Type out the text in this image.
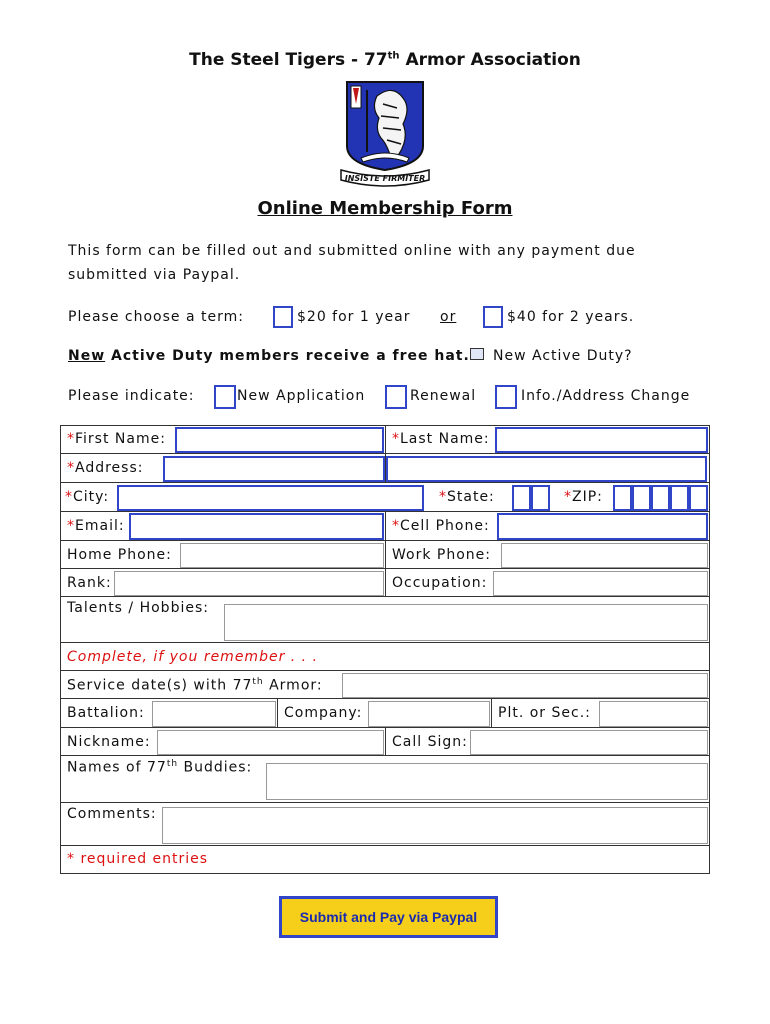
The Steel Tigers - 77th Armor Association
INSISTE FIRMITER
Online Membership Form
This form can be filled out and submitted online with any payment due
submitted via Paypal.
Please choose a term:	$20 for 1 year or	$40 for 2 years.
New Active Duty members receive a free hat. New Active Duty?
Please indicate:	New Application	Renewal	Info./Address Change
*First Name:	*Last Name:
*Address:
*City:	*State:	*ZIP:
*Email:	*Cell Phone:
Home Phone:	Work Phone:
Rank:	Occupation:
Talents / Hobbies:
Complete, if you remember . . .
Service date(s) with 77th Armor:
Battalion:	Company:	Plt. or Sec.:
Nickname:	Call Sign:
Names of 77th Buddies:
Comments:
* required entries
Submit and Pay via Paypal
